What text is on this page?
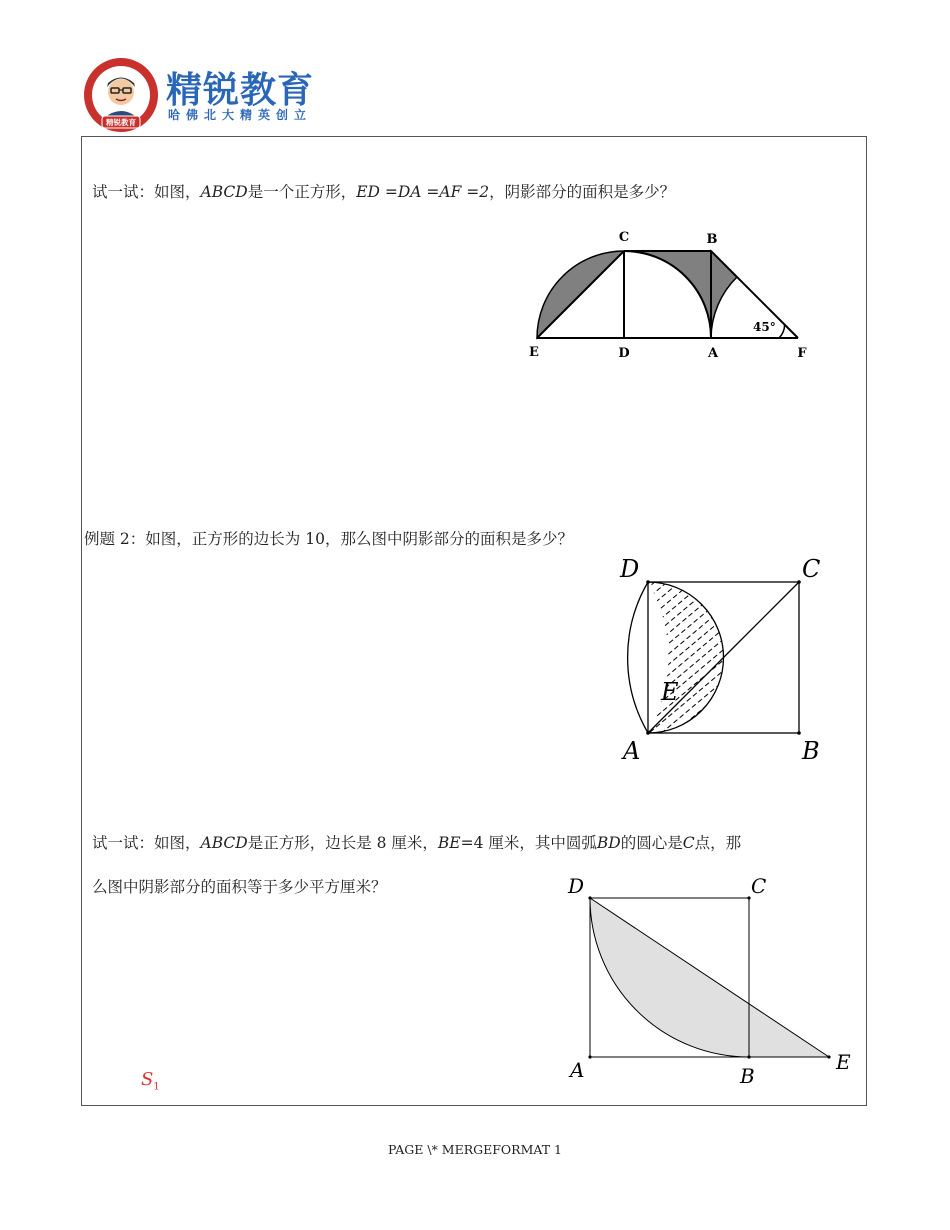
精锐教育
精锐教育
哈佛北大精英创立
试一试：如图，ABCD是一个正方形，ED =DA =AF =2，阴影部分的面积是多少？
C	B
E	D	A	F
45°
例题 2：如图，正方形的边长为 10，那么图中阴影部分的面积是多少？
D	C
E
A	B
试一试：如图，ABCD是正方形，边长是 8 厘米，BE=4 厘米，其中圆弧BD的圆心是C点，那
么图中阴影部分的面积等于多少平方厘米？	D	C
A	B
E
$S_1$
PAGE \* MERGEFORMAT 1
